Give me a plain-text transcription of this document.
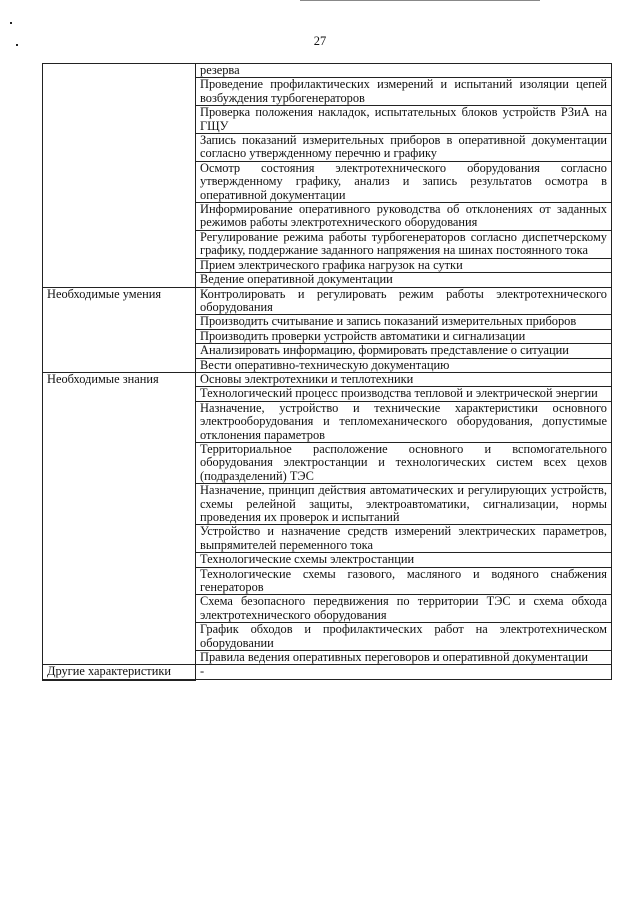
27
	резерва
	Проведение профилактических измерений и испытаний изоляции цепей возбуждения турбогенераторов
	Проверка положения накладок, испытательных блоков устройств РЗиА на ГЩУ
	Запись показаний измерительных приборов в оперативной документации согласно утвержденному перечню и графику
	Осмотр состояния электротехнического оборудования согласно утвержденному графику, анализ и запись результатов осмотра в оперативной документации
	Информирование оперативного руководства об отклонениях от заданных режимов работы электротехнического оборудования
	Регулирование режима работы турбогенераторов согласно диспетчерскому графику, поддержание заданного напряжения на шинах постоянного тока
	Прием электрического графика нагрузок на сутки
	Ведение оперативной документации
Необходимые умения	Контролировать и регулировать режим работы электротехнического оборудования
	Производить считывание и запись показаний измерительных приборов
	Производить проверки устройств автоматики и сигнализации
	Анализировать информацию, формировать представление о ситуации
	Вести оперативно-техническую документацию
Необходимые знания	Основы электротехники и теплотехники
	Технологический процесс производства тепловой и электрической энергии
	Назначение, устройство и технические характеристики основного электрооборудования и тепломеханического оборудования, допустимые отклонения параметров
	Территориальное расположение основного и вспомогательного оборудования электростанции и технологических систем всех цехов (подразделений) ТЭС
	Назначение, принцип действия автоматических и регулирующих устройств, схемы релейной защиты, электроавтоматики, сигнализации, нормы проведения их проверок и испытаний
	Устройство и назначение средств измерений электрических параметров, выпрямителей переменного тока
	Технологические схемы электростанции
	Технологические схемы газового, масляного и водяного снабжения генераторов
	Схема безопасного передвижения по территории ТЭС и схема обхода электротехнического оборудования
	График обходов и профилактических работ на электротехническом оборудовании
	Правила ведения оперативных переговоров и оперативной документации
Другие характеристики	-
